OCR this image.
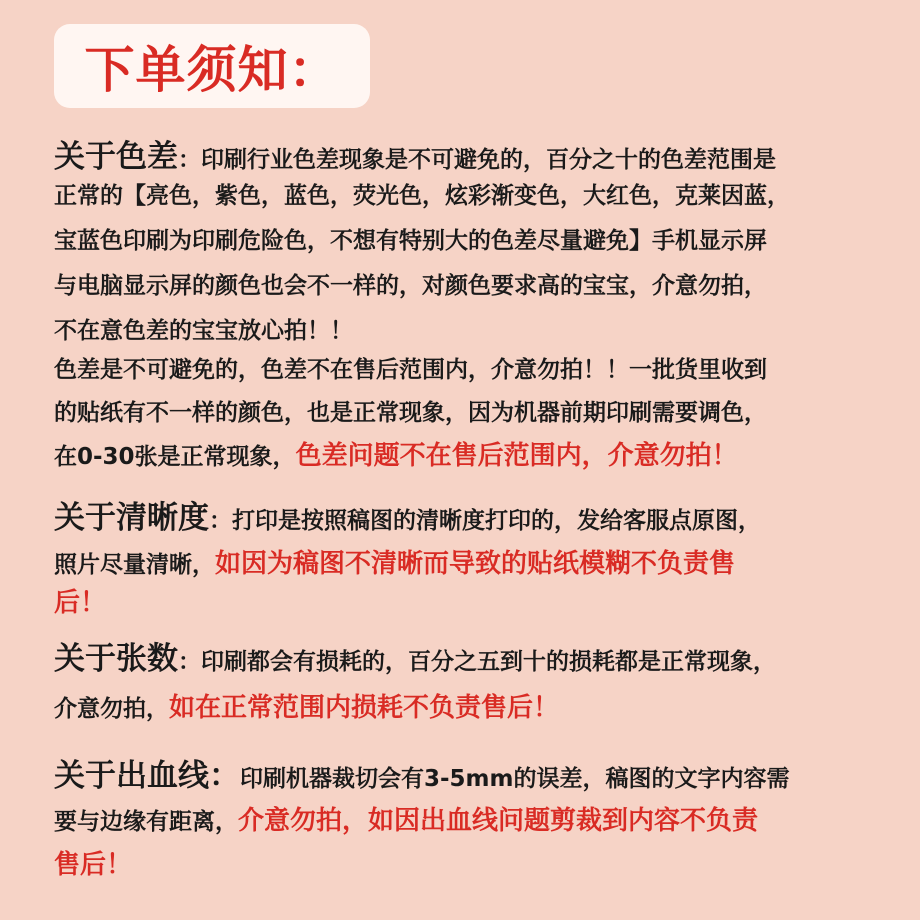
下单须知：
关于色差：印刷行业色差现象是不可避免的，百分之十的色差范围是
正常的【亮色，紫色，蓝色，荧光色，炫彩渐变色，大红色，克莱因蓝，
宝蓝色印刷为印刷危险色，不想有特别大的色差尽量避免】手机显示屏
与电脑显示屏的颜色也会不一样的，对颜色要求高的宝宝，介意勿拍，
不在意色差的宝宝放心拍！！
色差是不可避免的，色差不在售后范围内，介意勿拍！！一批货里收到
的贴纸有不一样的颜色，也是正常现象，因为机器前期印刷需要调色，
在0-30张是正常现象，色差问题不在售后范围内，介意勿拍！
关于清晰度：打印是按照稿图的清晰度打印的，发给客服点原图，
照片尽量清晰，如因为稿图不清晰而导致的贴纸模糊不负责售
后！
关于张数：印刷都会有损耗的，百分之五到十的损耗都是正常现象，
介意勿拍，如在正常范围内损耗不负责售后！
关于出血线：印刷机器裁切会有3-5mm的误差，稿图的文字内容需
要与边缘有距离，介意勿拍，如因出血线问题剪裁到内容不负责
售后！
